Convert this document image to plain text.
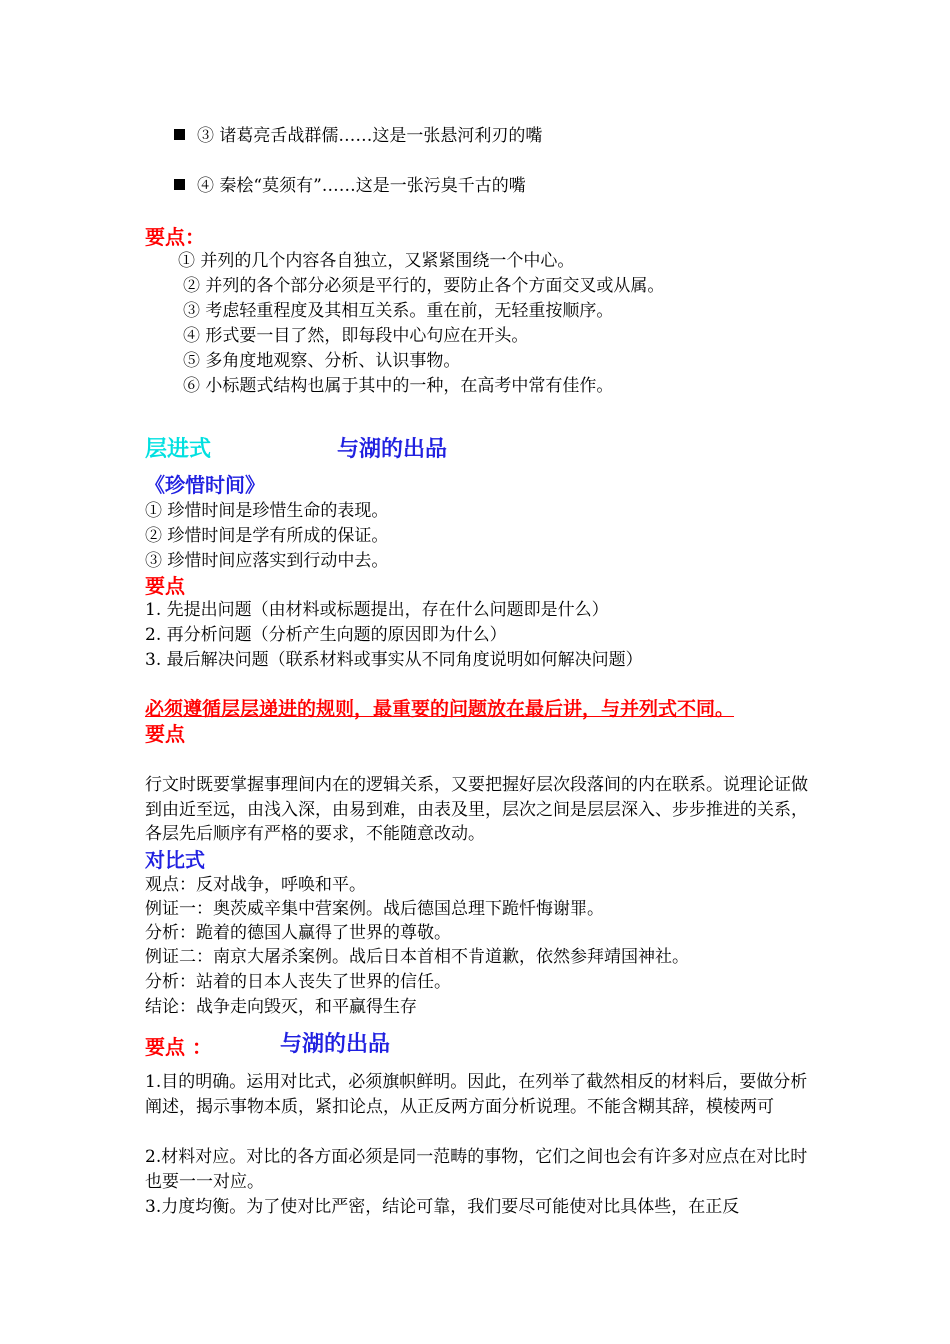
③ 诸葛亮舌战群儒……这是一张悬河利刃的嘴
④ 秦桧“莫须有”……这是一张污臭千古的嘴
要点：
① 并列的几个内容各自独立，又紧紧围绕一个中心。
② 并列的各个部分必须是平行的，要防止各个方面交叉或从属。
③ 考虑轻重程度及其相互关系。重在前，无轻重按顺序。
④ 形式要一目了然，即每段中心句应在开头。
⑤ 多角度地观察、分析、认识事物。
⑥ 小标题式结构也属于其中的一种，在高考中常有佳作。
层进式	与湖的出品
《珍惜时间》
① 珍惜时间是珍惜生命的表现。
② 珍惜时间是学有所成的保证。
③ 珍惜时间应落实到行动中去。
要点
1. 先提出问题（由材料或标题提出，存在什么问题即是什么）
2. 再分析问题（分析产生向题的原因即为什么）
3. 最后解决问题（联系材料或事实从不同角度说明如何解决问题）
必须遵循层层递进的规则，最重要的问题放在最后讲，与并列式不同。
要点
行文时既要掌握事理间内在的逻辑关系，又要把握好层次段落间的内在联系。说理论证做到由近至远，由浅入深，由易到难，由表及里，层次之间是层层深入、步步推进的关系，各层先后顺序有严格的要求，不能随意改动。
对比式
观点：反对战争，呼唤和平。
例证一：奥茨威辛集中营案例。战后德国总理下跪忏悔谢罪。
分析：跪着的德国人赢得了世界的尊敬。
例证二：南京大屠杀案例。战后日本首相不肯道歉，依然参拜靖国神社。
分析：站着的日本人丧失了世界的信任。
结论：战争走向毁灭，和平赢得生存
要点 ：	与湖的出品
1.目的明确。运用对比式，必须旗帜鲜明。因此，在列举了截然相反的材料后，要做分析阐述，揭示事物本质，紧扣论点，从正反两方面分析说理。不能含糊其辞，模棱两可
2.材料对应。对比的各方面必须是同一范畴的事物，它们之间也会有许多对应点在对比时也要一一对应。
3.力度均衡。为了使对比严密，结论可靠，我们要尽可能使对比具体些，在正反
